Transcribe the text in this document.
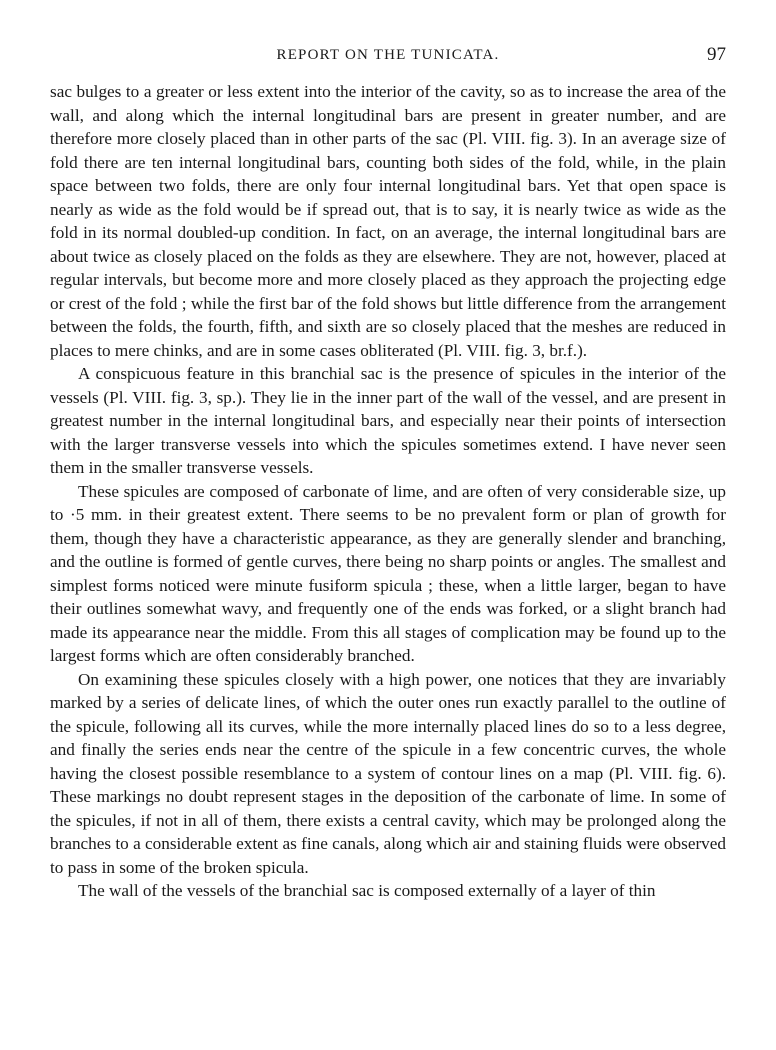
REPORT ON THE TUNICATA.	97

sac bulges to a greater or less extent into the interior of the cavity, so as to increase the area of the wall, and along which the internal longitudinal bars are present in greater number, and are therefore more closely placed than in other parts of the sac (Pl. VIII. fig. 3). In an average size of fold there are ten internal longitudinal bars, counting both sides of the fold, while, in the plain space between two folds, there are only four internal longitudinal bars. Yet that open space is nearly as wide as the fold would be if spread out, that is to say, it is nearly twice as wide as the fold in its normal doubled-up condition. In fact, on an average, the internal longitudinal bars are about twice as closely placed on the folds as they are elsewhere. They are not, however, placed at regular intervals, but become more and more closely placed as they approach the projecting edge or crest of the fold ; while the first bar of the fold shows but little difference from the arrangement between the folds, the fourth, fifth, and sixth are so closely placed that the meshes are reduced in places to mere chinks, and are in some cases obliterated (Pl. VIII. fig. 3, br.f.).

A conspicuous feature in this branchial sac is the presence of spicules in the interior of the vessels (Pl. VIII. fig. 3, sp.). They lie in the inner part of the wall of the vessel, and are present in greatest number in the internal longitudinal bars, and especially near their points of intersection with the larger transverse vessels into which the spicules sometimes extend. I have never seen them in the smaller transverse vessels.

These spicules are composed of carbonate of lime, and are often of very considerable size, up to ·5 mm. in their greatest extent. There seems to be no prevalent form or plan of growth for them, though they have a characteristic appearance, as they are generally slender and branching, and the outline is formed of gentle curves, there being no sharp points or angles. The smallest and simplest forms noticed were minute fusiform spicula ; these, when a little larger, began to have their outlines somewhat wavy, and frequently one of the ends was forked, or a slight branch had made its appearance near the middle. From this all stages of complication may be found up to the largest forms which are often considerably branched.

On examining these spicules closely with a high power, one notices that they are invariably marked by a series of delicate lines, of which the outer ones run exactly parallel to the outline of the spicule, following all its curves, while the more internally placed lines do so to a less degree, and finally the series ends near the centre of the spicule in a few concentric curves, the whole having the closest possible resemblance to a system of contour lines on a map (Pl. VIII. fig. 6). These markings no doubt represent stages in the deposition of the carbonate of lime. In some of the spicules, if not in all of them, there exists a central cavity, which may be prolonged along the branches to a considerable extent as fine canals, along which air and staining fluids were observed to pass in some of the broken spicula.

The wall of the vessels of the branchial sac is composed externally of a layer of thin
